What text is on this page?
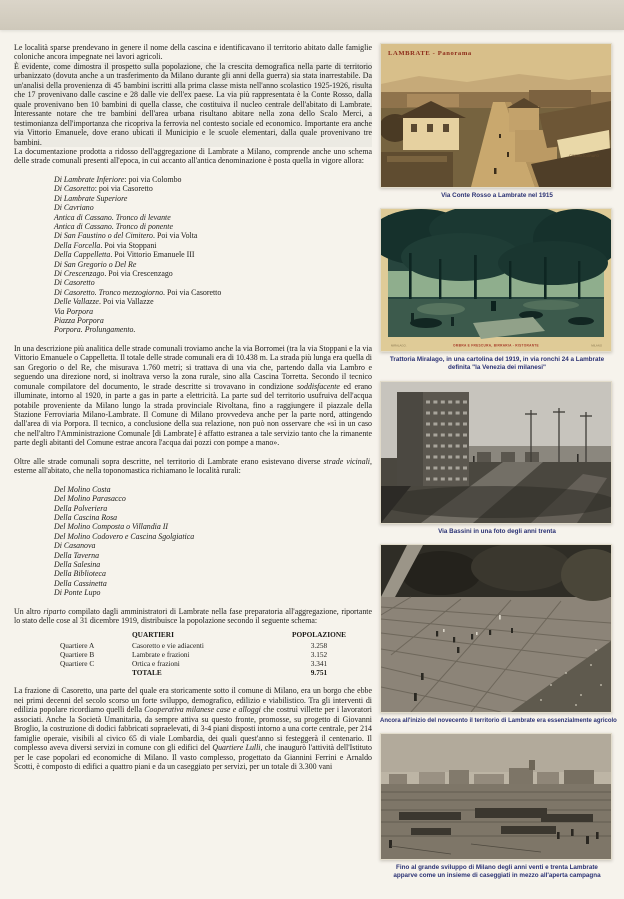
Le località sparse prendevano in genere il nome della cascina e identificavano il territorio abitato dalle famiglie coloniche ancora impegnate nei lavori agricoli.

È evidente, come dimostra il prospetto sulla popolazione, che la crescita demografica nella parte di territorio urbanizzato (dovuta anche a un trasferimento da Milano durante gli anni della guerra) sia stata inarrestabile. Da un'analisi della provenienza di 45 bambini iscritti alla prima classe mista nell'anno scolastico 1925-1926, risulta che 17 provenivano dalle cascine e 28 dalle vie dell'ex paese. La via più rappresentata è la Conte Rosso, dalla quale provenivano ben 10 bambini di quella classe, che costituiva il nucleo centrale dell'abitato di Lambrate. Interessante notare che tre bambini dell'area urbana risultano abitare nella zona dello Scalo Merci, a testimonianza dell'importanza che ricopriva la ferrovia nel contesto sociale ed economico. Importante era anche via Vittorio Emanuele, dove erano ubicati il Municipio e le scuole elementari, dalla quale provenivano tre bambini.

La documentazione prodotta a ridosso dell'aggregazione di Lambrate a Milano, comprende anche uno schema delle strade comunali presenti all'epoca, in cui accanto all'antica denominazione è posta quella in vigore allora:

Di Lambrate Inferiore: poi via Colombo
Di Casoretto: poi via Casoretto
Di Lambrate Superiore
Di Cavriano
Antica di Cassano. Tronco di levante
Antica di Cassano. Tronco di ponente
Di San Faustino o del Cimitero. Poi via Volta
Della Forcella. Poi via Stoppani
Della Cappelletta. Poi Vittorio Emanuele III
Di San Gregorio o Del Re
Di Crescenzago. Poi via Crescenzago
Di Casoretto
Di Casoretto. Tronco mezzogiorno. Poi via Casoretto
Delle Vallazze. Poi via Vallazze
Via Porpora
Piazza Porpora
Porpora. Prolungamento.

In una descrizione più analitica delle strade comunali troviamo anche la via Borromei (tra la via Stoppani e la via Vittorio Emanuele o Cappelletta. Il totale delle strade comunali era di 10.438 m. La strada più lunga era quella di san Gregorio o del Re, che misurava 1.760 metri; si trattava di una via che, partendo dalla via Lambro e seguendo una direzione nord, si inoltrava verso la zona rurale, sino alla Cascina Torretta. Secondo il tecnico comunale compilatore del documento, le strade descritte si trovavano in condizione soddisfacente ed erano illuminate, intorno al 1920, in parte a gas in parte a elettricità. La parte sud del territorio usufruiva dell'acqua potabile proveniente da Milano lungo la strada provinciale Rivoltana, fino a raggiungere il piazzale della Stazione Ferroviaria Milano-Lambrate. Il Comune di Milano provvedeva anche per la parte nord, attingendo dall'area di via Porpora. Il tecnico, a conclusione della sua relazione, non può non osservare che «sì in un caso che nell'altro l'Amministrazione Comunale [di Lambrate] è affatto estranea a tale servizio tanto che la rimanente parte degli abitanti del Comune estrae ancora l'acqua dai pozzi con pompe a mano».

Oltre alle strade comunali sopra descritte, nel territorio di Lambrate erano esistevano diverse strade vicinali, esterne all'abitato, che nella toponomastica richiamano le località rurali:

Del Molino Costa
Del Molino Parasacco
Della Polveriera
Della Cascina Rosa
Del Molino Composta o Villandia II
Del Molino Codovero e Cascina Sgolgiatica
Di Casanova
Della Taverna
Della Salesina
Della Biblioteca
Della Cassinetta
Di Ponte Lupo

Un altro riparto compilato dagli amministratori di Lambrate nella fase preparatoria all'aggregazione, riportante lo stato delle cose al 31 dicembre 1919, distribuisce la popolazione secondo il seguente schema:

	QUARTIERI	POPOLAZIONE
Quartiere A	Casoretto e vie adiacenti	3.258
Quartiere B	Lambrate e frazioni	3.152
Quartiere C	Ortica e frazioni	3.341
	TOTALE	9.751

La frazione di Casoretto, una parte del quale era storicamente sotto il comune di Milano, era un borgo che ebbe nei primi decenni del secolo scorso un forte sviluppo, demografico, edilizio e viabilistico. Tra gli interventi di edilizia popolare ricordiamo quelli della Cooperativa milanese case e alloggi che costruì villette per i lavoratori associati. Anche la Società Umanitaria, da sempre attiva su questo fronte, promosse, su progetto di Giovanni Broglio, la costruzione di dodici fabbricati sopraelevati, di 3-4 piani disposti intorno a una corte centrale, per 214 famiglie operaie, visibili al civico 65 di viale Lombardia, dei quali quest'anno si festeggerà il centenario. Il complesso aveva diversi servizi in comune con gli edifici del Quartiere Lulli, che inaugurò l'attività dell'Istituto per le case popolari ed economiche di Milano. Il vasto complesso, progettato da Giannini Ferrini e Arnaldo Scotti, è composto di edifici a quattro piani e da un caseggiato per servizi, per un totale di 3.300 vani

CINEMATOGRAFO
LAMBRATE - Panorama
Via Conte Rosso a Lambrate nel 1915
OMBRA E FRESCURA, BIRRARIA - RISTORANTE
MIRALAGO.	MILANO
Trattoria Miralago, in una cartolina del 1919, in via ronchi 24 a Lambrate definita "la Venezia dei milanesi"
Via Bassini in una foto degli anni trenta
Ancora all'inizio del novecento il territorio di Lambrate era essenzialmente agricolo
Fino al grande sviluppo di Milano degli anni venti e trenta Lambrate apparve come un insieme di caseggiati in mezzo all'aperta campagna
